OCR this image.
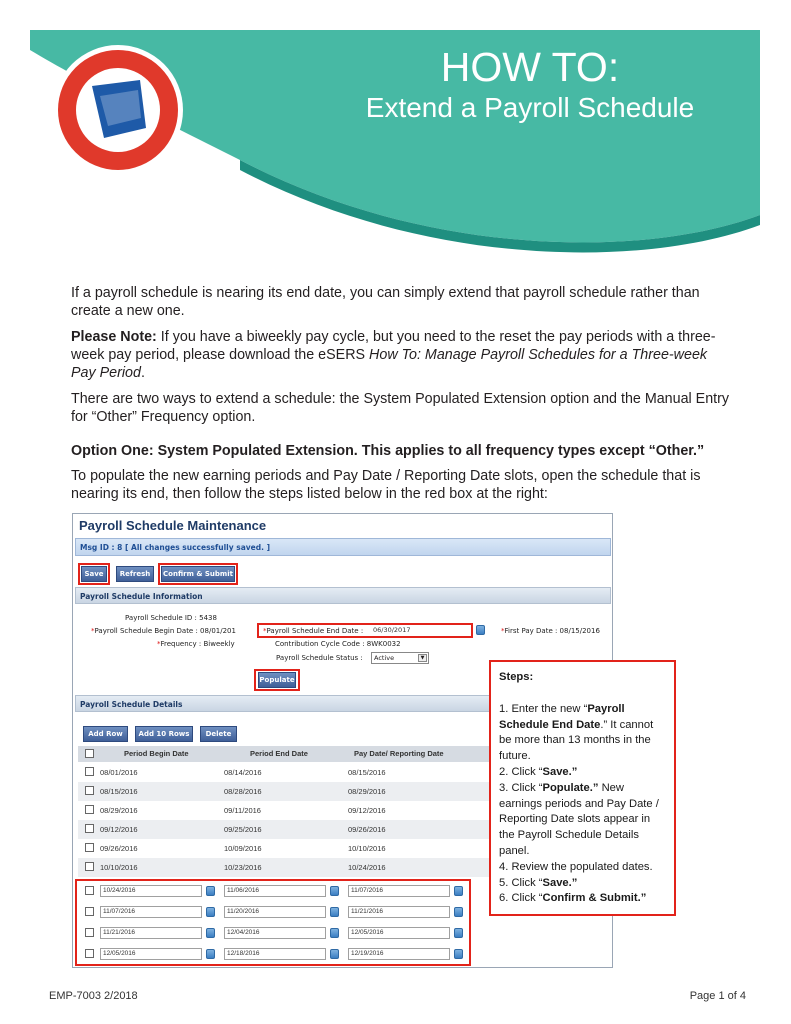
HOW TO:
Extend a Payroll Schedule

If a payroll schedule is nearing its end date, you can simply extend that payroll schedule rather than create a new one.

Please Note: If you have a biweekly pay cycle, but you need to the reset the pay periods with a three-week pay period, please download the eSERS How To: Manage Payroll Schedules for a Three-week Pay Period.

There are two ways to extend a schedule: the System Populated Extension option and the Manual Entry for “Other” Frequency option.

Option One: System Populated Extension. This applies to all frequency types except “Other.”

To populate the new earning periods and Pay Date / Reporting Date slots, open the schedule that is nearing its end, then follow the steps listed below in the red box at the right:

Payroll Schedule Maintenance
Msg ID : 8 [ All changes successfully saved. ]
Save	Refresh	Confirm & Submit
Payroll Schedule Information
Payroll Schedule ID : 5438
*Payroll Schedule Begin Date : 08/01/201	*Payroll Schedule End Date :	06/30/2017	*First Pay Date : 08/15/2016
*Frequency : Biweekly	Contribution Cycle Code : 8WK0032
Payroll Schedule Status :	Active	▼
Populate
Payroll Schedule Details
Add Row	Add 10 Rows	Delete
Period Begin Date	Period End Date	Pay Date/ Reporting Date
08/01/2016	08/14/2016	08/15/2016
08/15/2016	08/28/2016	08/29/2016
08/29/2016	09/11/2016	09/12/2016
09/12/2016	09/25/2016	09/26/2016
09/26/2016	10/09/2016	10/10/2016
10/10/2016	10/23/2016	10/24/2016
10/24/2016	11/06/2016	11/07/2016
11/07/2016	11/20/2016	11/21/2016
11/21/2016	12/04/2016	12/05/2016
12/05/2016	12/18/2016	12/19/2016
Steps:
1. Enter the new “Payroll Schedule End Date.” It cannot be more than 13 months in the future.
2. Click “Save.”
3. Click “Populate.” New earnings periods and Pay Date / Reporting Date slots appear in the Payroll Schedule Details panel.
4. Review the populated dates.
5. Click “Save.”
6. Click “Confirm & Submit.”
EMP-7003 2/2018	Page 1 of 4
